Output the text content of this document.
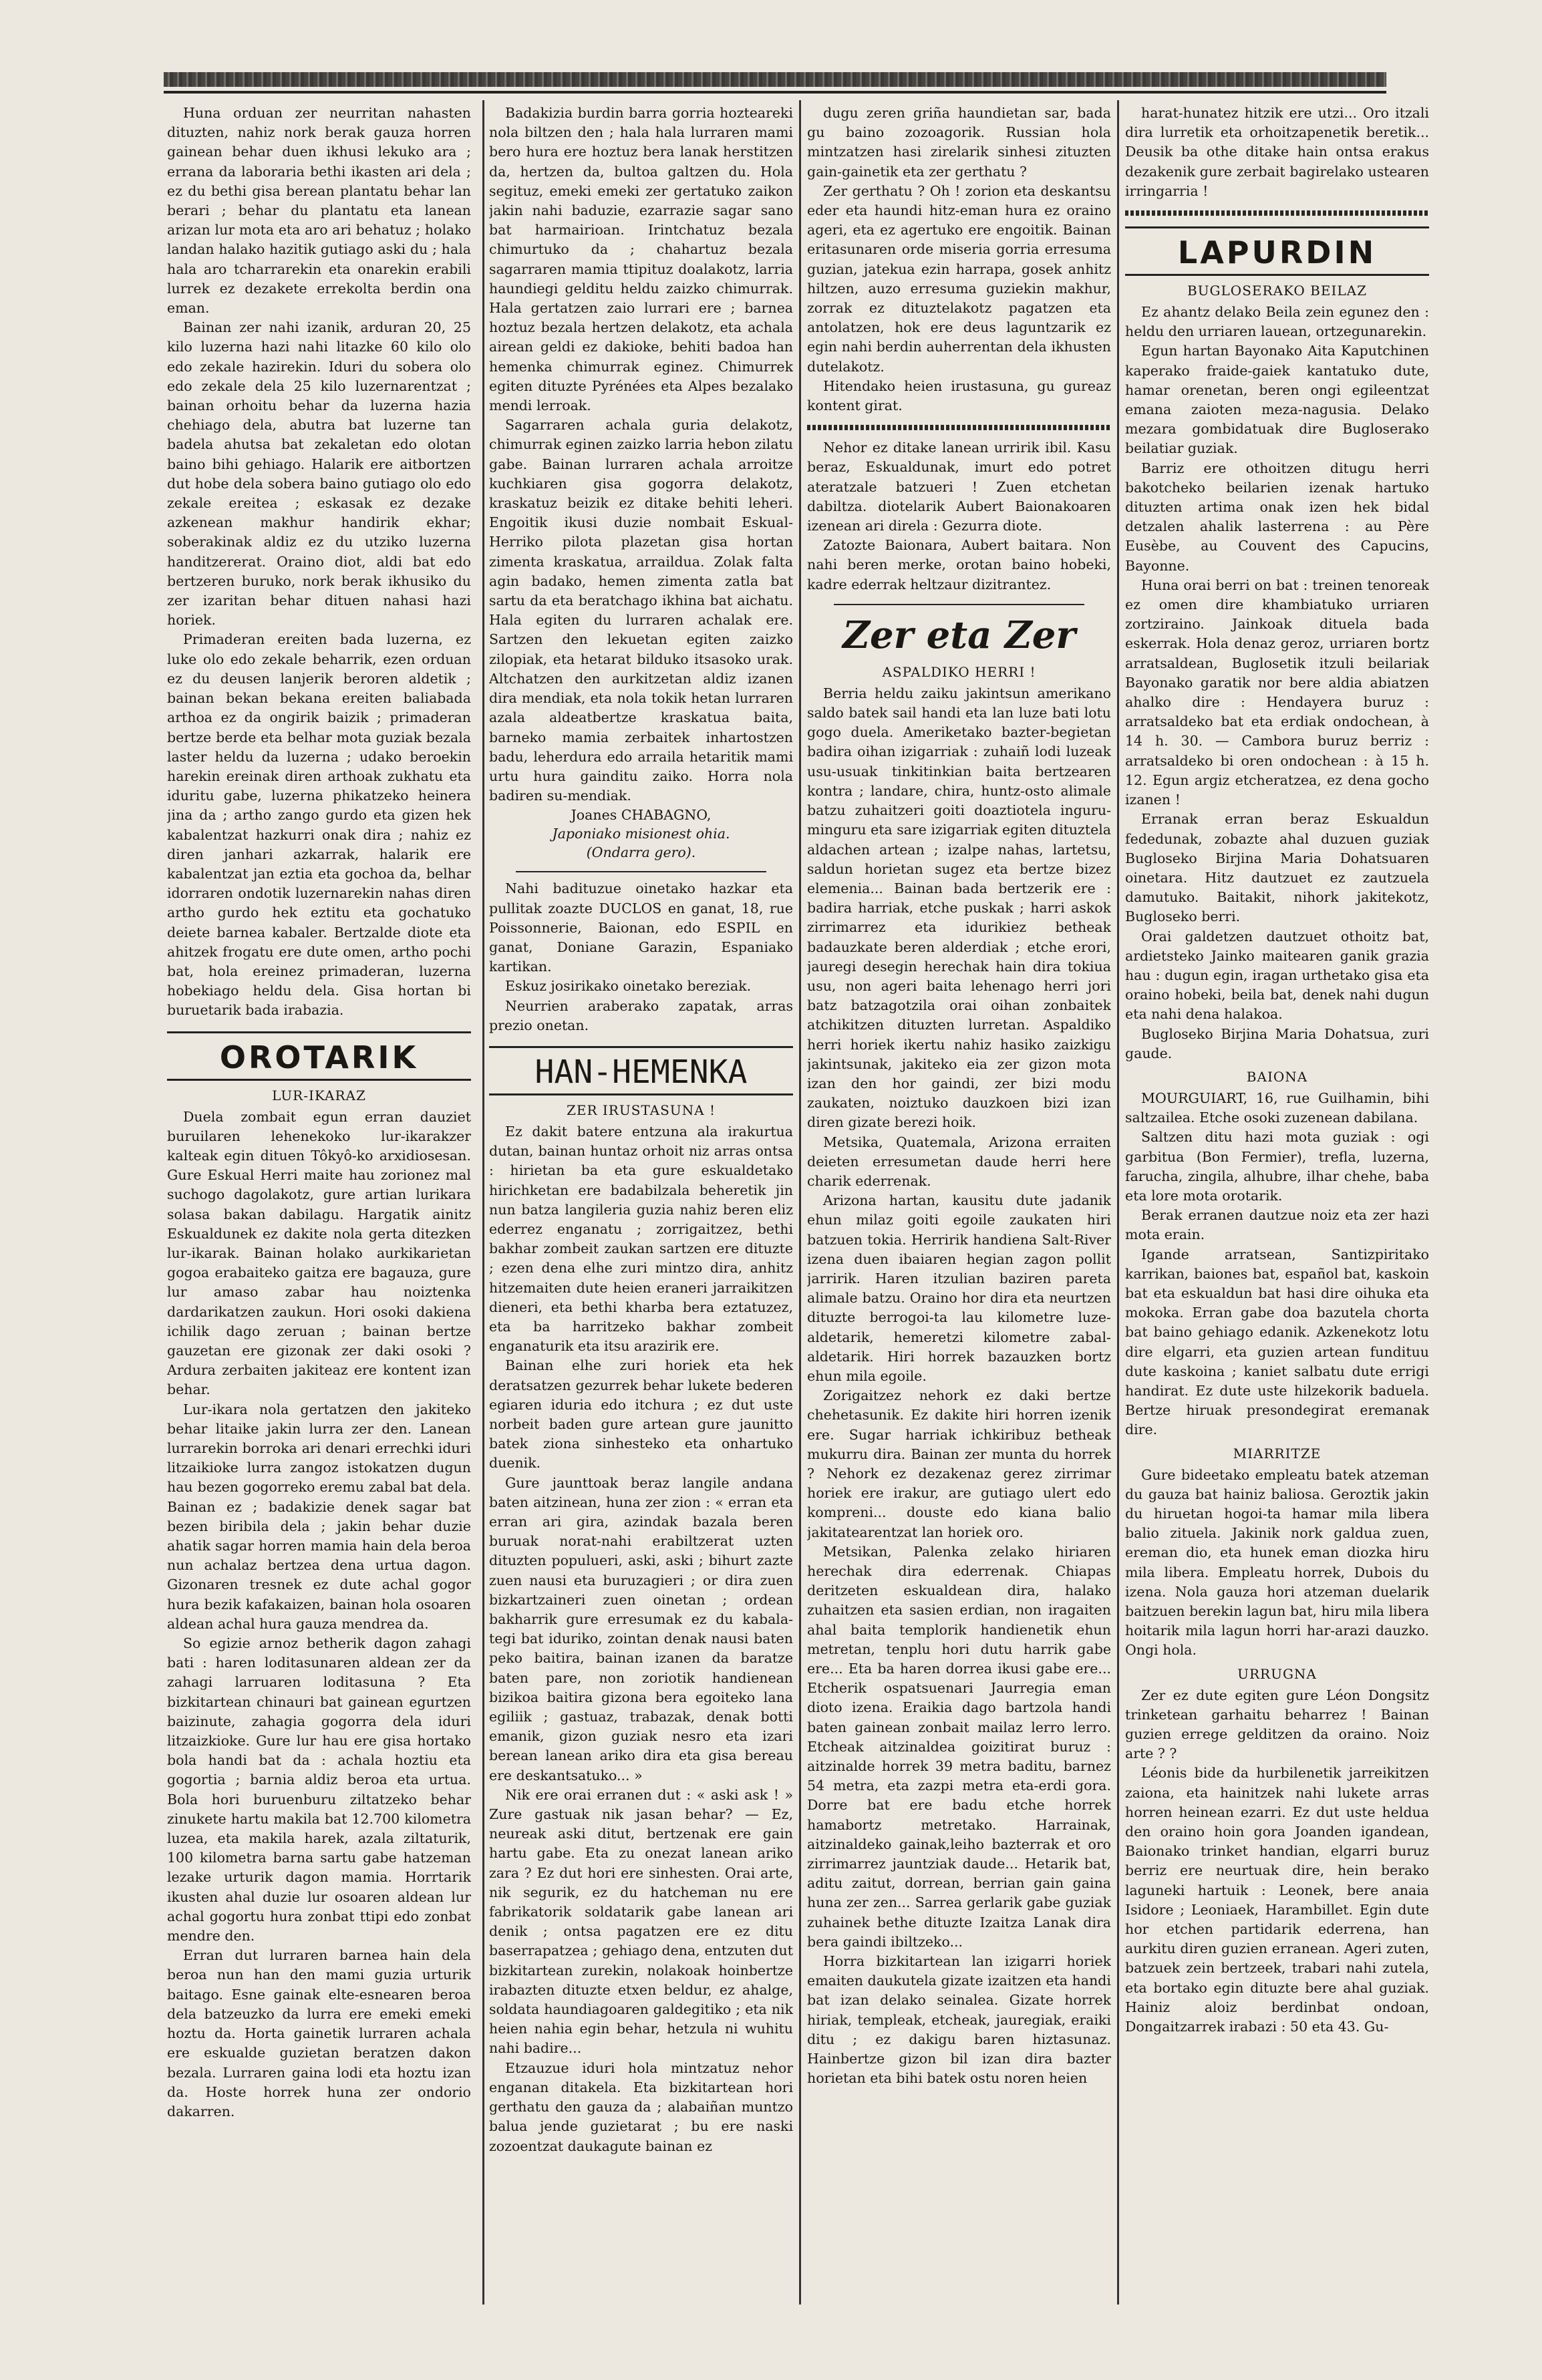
Huna orduan zer neurritan nahasten dituzten, nahiz nork berak gauza horren gainean behar duen ikhusi lekuko ara ; errana da laboraria bethi ikasten ari dela ; ez du bethi gisa berean plantatu behar lan berari ; behar du plantatu eta lanean arizan lur mota eta aro ari behatuz ; holako landan halako hazitik gutiago aski du ; hala hala aro tcharrarekin eta onarekin erabili lurrek ez dezakete errekolta berdin ona eman.

Bainan zer nahi izanik, arduran 20, 25 kilo luzerna hazi nahi litazke 60 kilo olo edo zekale hazirekin. Iduri du sobera olo edo zekale dela 25 kilo luzernarentzat ; bainan orhoitu behar da luzerna hazia chehiago dela, abutra bat luzerne tan badela ahutsa bat zekaletan edo olotan baino bihi gehiago. Halarik ere aitbortzen dut hobe dela sobera baino gutiago olo edo zekale ereitea ; eskasak ez dezake azkenean makhur handirik ekhar; soberakinak aldiz ez du utziko luzerna handitzererat. Oraino diot, aldi bat edo bertzeren buruko, nork berak ikhusiko du zer izaritan behar dituen nahasi hazi horiek.

Primaderan ereiten bada luzerna, ez luke olo edo zekale beharrik, ezen orduan ez du deusen lanjerik beroren aldetik ; bainan bekan bekana ereiten baliabada arthoa ez da ongirik baizik ; primaderan bertze berde eta belhar mota guziak bezala laster heldu da luzerna ; udako beroekin harekin ereinak diren arthoak zukhatu eta iduritu gabe, luzerna phikatzeko heinera jina da ; artho zango gurdo eta gizen hek kabalentzat hazkurri onak dira ; nahiz ez diren janhari azkarrak, halarik ere kabalentzat jan eztia eta gochoa da, belhar idorraren ondotik luzernarekin nahas diren artho gurdo hek eztitu eta gochatuko deiete barnea kabaler. Bertzalde diote eta ahitzek frogatu ere dute omen, artho pochi bat, hola ereinez primaderan, luzerna hobekiago heldu dela. Gisa hortan bi buruetarik bada irabazia.

OROTARIK
LUR-IKARAZ

Duela zombait egun erran dauziet buruilaren lehenekoko lur-ikarakzer kalteak egin dituen Tôkyô-ko arxidiosesan. Gure Eskual Herri maite hau zorionez mal suchogo dagolakotz, gure artian lurikara solasa bakan dabilagu. Hargatik ainitz Eskualdunek ez dakite nola gerta ditezken lur-ikarak. Bainan holako aurkikarietan gogoa erabaiteko gaitza ere bagauza, gure lur amaso zabar hau noiztenka dardarikatzen zaukun. Hori osoki dakiena ichilik dago zeruan ; bainan bertze gauzetan ere gizonak zer daki osoki ? Ardura zerbaiten jakiteaz ere kontent izan behar.

Lur-ikara nola gertatzen den jakiteko behar litaike jakin lurra zer den. Lanean lurrarekin borroka ari denari errechki iduri litzaikioke lurra zangoz istokatzen dugun hau bezen gogorreko eremu zabal bat dela. Bainan ez ; badakizie denek sagar bat bezen biribila dela ; jakin behar duzie ahatik sagar horren mamia hain dela beroa nun achalaz bertzea dena urtua dagon. Gizonaren tresnek ez dute achal gogor hura bezik kafakaizen, bainan hola osoaren aldean achal hura gauza mendrea da.

So egizie arnoz betherik dagon zahagi bati : haren loditasunaren aldean zer da zahagi larruaren loditasuna ? Eta bizkitartean chinauri bat gainean egurtzen baizinute, zahagia gogorra dela iduri litzaizkioke. Gure lur hau ere gisa hortako bola handi bat da : achala hoztiu eta gogortia ; barnia aldiz beroa eta urtua. Bola hori buruenburu ziltatzeko behar zinukete hartu makila bat 12.700 kilometra luzea, eta makila harek, azala ziltaturik, 100 kilometra barna sartu gabe hatzeman lezake urturik dagon mamia. Horrtarik ikusten ahal duzie lur osoaren aldean lur achal gogortu hura zonbat ttipi edo zonbat mendre den.

Erran dut lurraren barnea hain dela beroa nun han den mami guzia urturik baitago. Esne gainak elte-esnearen beroa dela batzeuzko da lurra ere emeki emeki hoztu da. Horta gainetik lurraren achala ere eskualde guzietan beratzen dakon bezala. Lurraren gaina lodi eta hoztu izan da. Hoste horrek huna zer ondorio dakarren.

Badakizia burdin barra gorria hozteareki nola biltzen den ; hala hala lurraren mami bero hura ere hoztuz bera lanak herstitzen da, hertzen da, bultoa galtzen du. Hola segituz, emeki emeki zer gertatuko zaikon jakin nahi baduzie, ezarrazie sagar sano bat harmairioan. Irintchatuz bezala chimurtuko da ; chahartuz bezala sagarraren mamia ttipituz doalakotz, larria haundiegi gelditu heldu zaizko chimurrak. Hala gertatzen zaio lurrari ere ; barnea hoztuz bezala hertzen delakotz, eta achala airean geldi ez dakioke, behiti badoa han hemenka chimurrak eginez. Chimurrek egiten dituzte Pyrénées eta Alpes bezalako mendi lerroak.

Sagarraren achala guria delakotz, chimurrak eginen zaizko larria hebon zilatu gabe. Bainan lurraren achala arroitze kuchkiaren gisa gogorra delakotz, kraskatuz beizik ez ditake behiti leheri. Engoitik ikusi duzie nombait Eskual-Herriko pilota plazetan gisa hortan zimenta kraskatua, arraildua. Zolak falta agin badako, hemen zimenta zatla bat sartu da eta beratchago ikhina bat aichatu. Hala egiten du lurraren achalak ere. Sartzen den lekuetan egiten zaizko zilopiak, eta hetarat bilduko itsasoko urak. Altchatzen den aurkitzetan aldiz izanen dira mendiak, eta nola tokik hetan lurraren azala aldeatbertze kraskatua baita, barneko mamia zerbaitek inhartostzen badu, leherdura edo arraila hetaritik mami urtu hura gainditu zaiko. Horra nola badiren su-mendiak.

Joanes CHABAGNO,
Japoniako misionest ohia.
(Ondarra gero).

Nahi badituzue oinetako hazkar eta pullitak zoazte DUCLOS en ganat, 18, rue Poissonnerie, Baionan, edo ESPIL en ganat, Doniane Garazin, Espaniako kartikan.

Eskuz josirikako oinetako bereziak.

Neurrien araberako zapatak, arras prezio onetan.

HAN-HEMENKA
ZER IRUSTASUNA !

Ez dakit batere entzuna ala irakurtua dutan, bainan huntaz orhoit niz arras ontsa : hirietan ba eta gure eskualdetako hirichketan ere badabilzala beheretik jin nun batza langileria guzia nahiz beren eliz ederrez enganatu ; zorrigaitzez, bethi bakhar zombeit zaukan sartzen ere dituzte ; ezen dena elhe zuri mintzo dira, anhitz hitzemaiten dute heien eraneri jarraikitzen dieneri, eta bethi kharba bera eztatuzez, eta ba harritzeko bakhar zombeit enganaturik eta itsu arazirik ere.

Bainan elhe zuri horiek eta hek deratsatzen gezurrek behar lukete bederen egiaren iduria edo itchura ; ez dut uste norbeit baden gure artean gure jaunitto batek ziona sinhesteko eta onhartuko duenik.

Gure jaunttoak beraz langile andana baten aitzinean, huna zer zion : « erran eta erran ari gira, azindak bazala beren buruak norat-nahi erabiltzerat uzten dituzten populueri, aski, aski ; bihurt zazte zuen nausi eta buruzagieri ; or dira zuen bizkartzaineri zuen oinetan ; ordean bakharrik gure erresumak ez du kabala-tegi bat iduriko, zointan denak nausi baten peko baitira, bainan izanen da baratze baten pare, non zoriotik handienean bizikoa baitira gizona bera egoiteko lana egiliik ; gastuaz, trabazak, denak botti emanik, gizon guziak nesro eta izari berean lanean ariko dira eta gisa bereau ere deskantsatuko... »

Nik ere orai erranen dut : « aski ask ! » Zure gastuak nik jasan behar? — Ez, neureak aski ditut, bertzenak ere gain hartu gabe. Eta zu onezat lanean ariko zara ? Ez dut hori ere sinhesten. Orai arte, nik segurik, ez du hatcheman nu ere fabrikatorik soldatarik gabe lanean ari denik ; ontsa pagatzen ere ez ditu baserrapatzea ; gehiago dena, entzuten dut bizkitartean zurekin, nolakoak hoinbertze irabazten dituzte etxen beldur, ez ahalge, soldata haundiagoaren galdegitiko ; eta nik heien nahia egin behar, hetzula ni wuhitu nahi badire...

Etzauzue iduri hola mintzatuz nehor enganan ditakela. Eta bizkitartean hori gerthatu den gauza da ; alabaiñan muntzo balua jende guzietarat ; bu ere naski zozoentzat daukagute bainan ez

dugu zeren griña haundietan sar, bada gu baino zozoagorik. Russian hola mintzatzen hasi zirelarik sinhesi zituzten gain-gainetik eta zer gerthatu ?

Zer gerthatu ? Oh ! zorion eta deskantsu eder eta haundi hitz-eman hura ez oraino ageri, eta ez agertuko ere engoitik. Bainan eritasunaren orde miseria gorria erresuma guzian, jatekua ezin harrapa, gosek anhitz hiltzen, auzo erresuma guziekin makhur, zorrak ez dituztelakotz pagatzen eta antolatzen, hok ere deus laguntzarik ez egin nahi berdin auherrentan dela ikhusten dutelakotz.

Hitendako heien irustasuna, gu gureaz kontent girat.

Nehor ez ditake lanean urririk ibil. Kasu beraz, Eskualdunak, imurt edo potret ateratzale batzueri ! Zuen etchetan dabiltza. diotelarik Aubert Baionakoaren izenean ari direla : Gezurra diote.

Zatozte Baionara, Aubert baitara. Non nahi beren merke, orotan baino hobeki, kadre ederrak heltzaur dizitrantez.

Zer eta Zer
ASPALDIKO HERRI !

Berria heldu zaiku jakintsun amerikano saldo batek sail handi eta lan luze bati lotu gogo duela. Ameriketako bazter-begietan badira oihan izigarriak : zuhaiñ lodi luzeak usu-usuak tinkitinkian baita bertzearen kontra ; landare, chira, huntz-osto alimale batzu zuhaitzeri goiti doaztiotela inguru-minguru eta sare izigarriak egiten dituztela aldachen artean ; izalpe nahas, lartetsu, saldun horietan sugez eta bertze bizez elemenia... Bainan bada bertzerik ere : badira harriak, etche puskak ; harri askok zirrimarrez eta idurikiez betheak badauzkate beren alderdiak ; etche erori, jauregi desegin herechak hain dira tokiua usu, non ageri baita lehenago herri jori batz batzagotzila orai oihan zonbaitek atchikitzen dituzten lurretan. Aspaldiko herri horiek ikertu nahiz hasiko zaizkigu jakintsunak, jakiteko eia zer gizon mota izan den hor gaindi, zer bizi modu zaukaten, noiztuko dauzkoen bizi izan diren gizate berezi hoik.

Metsika, Quatemala, Arizona erraiten deieten erresumetan daude herri here charik ederrenak.

Arizona hartan, kausitu dute jadanik ehun milaz goiti egoile zaukaten hiri batzuen tokia. Herririk handiena Salt-River izena duen ibaiaren hegian zagon pollit jarririk. Haren itzulian baziren pareta alimale batzu. Oraino hor dira eta neurtzen dituzte berrogoi-ta lau kilometre luze-aldetarik, hemeretzi kilometre zabal-aldetarik. Hiri horrek bazauzken bortz ehun mila egoile.

Zorigaitzez nehork ez daki bertze chehetasunik. Ez dakite hiri horren izenik ere. Sugar harriak ichkiribuz betheak mukurru dira. Bainan zer munta du horrek ? Nehork ez dezakenaz gerez zirrimar horiek ere irakur, are gutiago ulert edo kompreni... douste edo kiana balio jakitatearentzat lan horiek oro.

Metsikan, Palenka zelako hiriaren herechak dira ederrenak. Chiapas deritzeten eskualdean dira, halako zuhaitzen eta sasien erdian, non iragaiten ahal baita templorik handienetik ehun metretan, tenplu hori dutu harrik gabe ere... Eta ba haren dorrea ikusi gabe ere... Etcherik ospatsuenari Jaurregia eman dioto izena. Eraikia dago bartzola handi baten gainean zonbait mailaz lerro lerro. Etcheak aitzinaldea goizitirat buruz : aitzinalde horrek 39 metra baditu, barnez 54 metra, eta zazpi metra eta-erdi gora. Dorre bat ere badu etche horrek hamabortz metretako. Harrainak, aitzinaldeko gainak,leiho bazterrak et oro zirrimarrez jauntziak daude... Hetarik bat, aditu zaitut, dorrean, berrian gain gaina huna zer zen... Sarrea gerlarik gabe guziak zuhainek bethe dituzte Izaitza Lanak dira bera gaindi ibiltzeko...

Horra bizkitartean lan izigarri horiek emaiten daukutela gizate izaitzen eta handi bat izan delako seinalea. Gizate horrek hiriak, templeak, etcheak, jauregiak, eraiki ditu ; ez dakigu baren hiztasunaz. Hainbertze gizon bil izan dira bazter horietan eta bihi batek ostu noren heien

harat-hunatez hitzik ere utzi... Oro itzali dira lurretik eta orhoitzapenetik beretik... Deusik ba othe ditake hain ontsa erakus dezakenik gure zerbait bagirelako ustearen irringarria !

LAPURDIN
BUGLOSERAKO BEILAZ

Ez ahantz delako Beila zein egunez den : heldu den urriaren lauean, ortzegunarekin.

Egun hartan Bayonako Aita Kaputchinen kaperako fraide-gaiek kantatuko dute, hamar orenetan, beren ongi egileentzat emana zaioten meza-nagusia. Delako mezara gombidatuak dire Bugloserako beilatiar guziak.

Barriz ere othoitzen ditugu herri bakotcheko beilarien izenak hartuko dituzten artima onak izen hek bidal detzalen ahalik lasterrena : au Père Eusèbe, au Couvent des Capucins, Bayonne.

Huna orai berri on bat : treinen tenoreak ez omen dire khambiatuko urriaren zortziraino. Jainkoak dituela bada eskerrak. Hola denaz geroz, urriaren bortz arratsaldean, Buglosetik itzuli beilariak Bayonako garatik nor bere aldia abiatzen ahalko dire : Hendayera buruz : arratsaldeko bat eta erdiak ondochean, à 14 h. 30. — Cambora buruz berriz : arratsaldeko bi oren ondochean : à 15 h. 12. Egun argiz etcheratzea, ez dena gocho izanen !

Erranak erran beraz Eskualdun fededunak, zobazte ahal duzuen guziak Bugloseko Birjina Maria Dohatsuaren oinetara. Hitz dautzuet ez zautzuela damutuko. Baitakit, nihork jakitekotz, Bugloseko berri.

Orai galdetzen dautzuet othoitz bat, ardietsteko Jainko maitearen ganik grazia hau : dugun egin, iragan urthetako gisa eta oraino hobeki, beila bat, denek nahi dugun eta nahi dena halakoa.

Bugloseko Birjina Maria Dohatsua, zuri gaude.

BAIONA

MOURGUIART, 16, rue Guilhamin, bihi saltzailea. Etche osoki zuzenean dabilana.

Saltzen ditu hazi mota guziak : ogi garbitua (Bon Fermier), trefla, luzerna, farucha, zingila, alhubre, ilhar chehe, baba eta lore mota orotarik.

Berak erranen dautzue noiz eta zer hazi mota erain.

Igande arratsean, Santizpiritako karrikan, baiones bat, español bat, kaskoin bat eta eskualdun bat hasi dire oihuka eta mokoka. Erran gabe doa bazutela chorta bat baino gehiago edanik. Azkenekotz lotu dire elgarri, eta guzien artean fundituu dute kaskoina ; kaniet salbatu dute errigi handirat. Ez dute uste hilzekorik baduela. Bertze hiruak presondegirat eremanak dire.

MIARRITZE

Gure bideetako empleatu batek atzeman du gauza bat hainiz baliosa. Geroztik jakin du hiruetan hogoi-ta hamar mila libera balio zituela. Jakinik nork galdua zuen, ereman dio, eta hunek eman diozka hiru mila libera. Empleatu horrek, Dubois du izena. Nola gauza hori atzeman duelarik baitzuen berekin lagun bat, hiru mila libera hoitarik mila lagun horri har-arazi dauzko. Ongi hola.

URRUGNA

Zer ez dute egiten gure Léon Dongsitz trinketean garhaitu beharrez ! Bainan guzien errege gelditzen da oraino. Noiz arte ? ?

Léonis bide da hurbilenetik jarreikitzen zaiona, eta hainitzek nahi lukete arras horren heinean ezarri. Ez dut uste heldua den oraino hoin gora Joanden igandean, Baionako trinket handian, elgarri buruz berriz ere neurtuak dire, hein berako laguneki hartuik : Leonek, bere anaia Isidore ; Leoniaek, Harambillet. Egin dute hor etchen partidarik ederrena, han aurkitu diren guzien erranean. Ageri zuten, batzuek zein bertzeek, trabari nahi zutela, eta bortako egin dituzte bere ahal guziak. Hainiz aloiz berdinbat ondoan, Dongaitzarrek irabazi : 50 eta 43. Gu-
